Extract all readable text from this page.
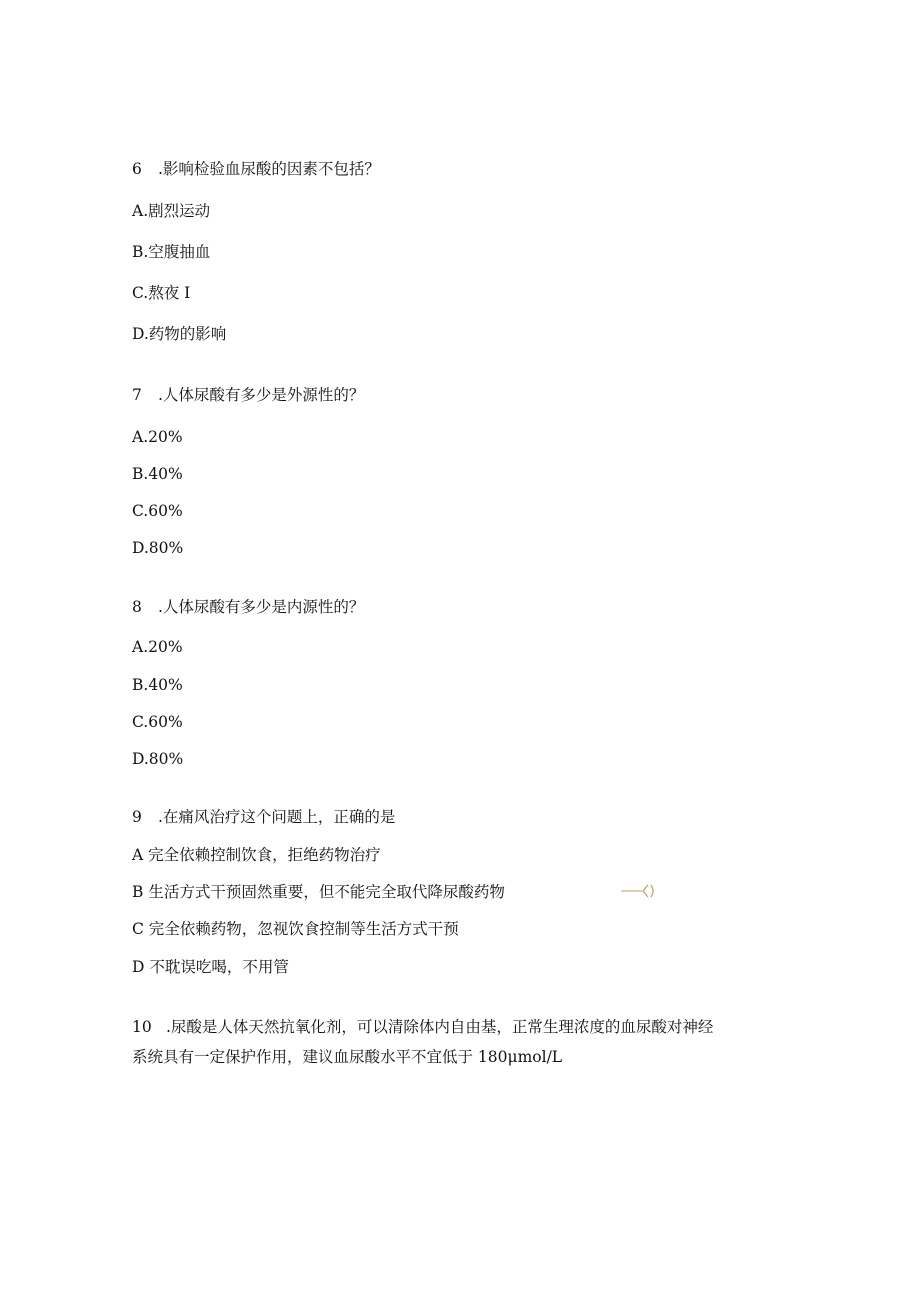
6 .影响检验血尿酸的因素不包括？
A.剧烈运动
B.空腹抽血
C.熬夜 I
D.药物的影响
7 .人体尿酸有多少是外源性的？
A.20%
B.40%
C.60%
D.80%
8 .人体尿酸有多少是内源性的？
A.20%
B.40%
C.60%
D.80%
9 .在痛风治疗这个问题上，正确的是
A 完全依赖控制饮食，拒绝药物治疗
B 生活方式干预固然重要，但不能完全取代降尿酸药物
C 完全依赖药物，忽视饮食控制等生活方式干预
D 不耽误吃喝，不用管
10 .尿酸是人体天然抗氧化剂，可以清除体内自由基，正常生理浓度的血尿酸对神经
系统具有一定保护作用，建议血尿酸水平不宜低于 180μmol/L
